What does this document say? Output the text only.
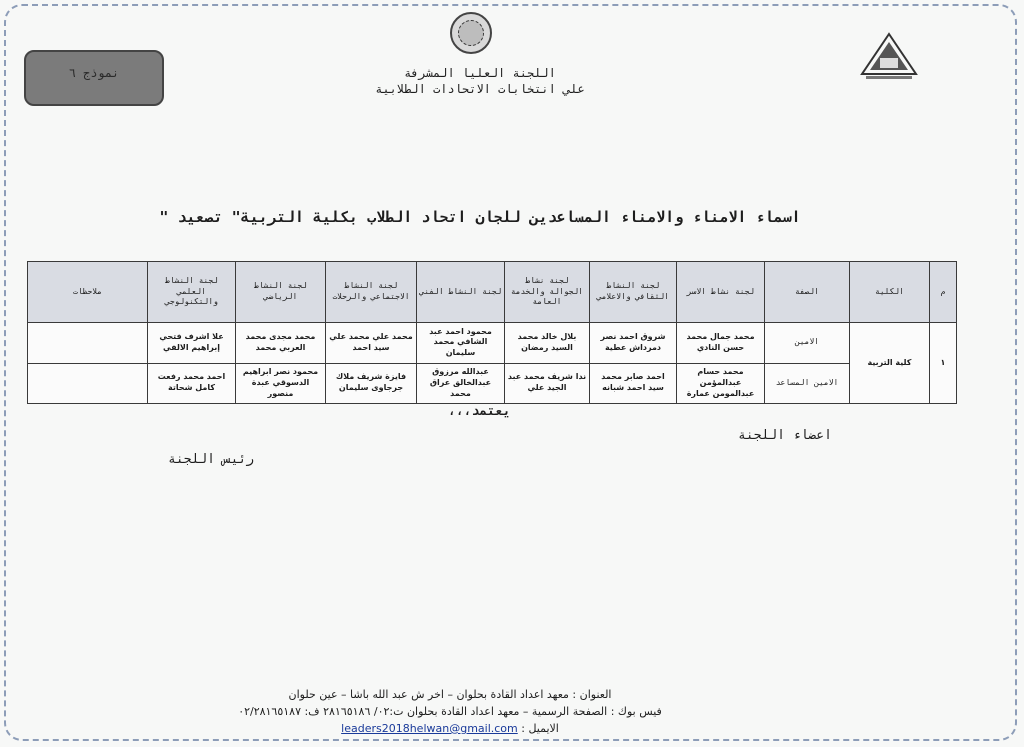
نموذج ٦	اللجنة العليا المشرفة
علي انتخابات الاتحادات الطلابية
اسماء الامناء والامناء المساعدين للجان اتحاد الطلاب بكلية التربية" تصعيد "
م	الكلية	الصفة	لجنة نشاط الاسر	لجنة النشاط الثقافي والاعلامي	لجنة نشاط الجوالة والخدمة العامة	لجنة النشاط الفني	لجنة النشاط الاجتماعي والرحلات	لجنة النشاط الرياضي	لجنة النشاط العلمي والتكنولوجي	ملاحظات
١	كلية التربية	الامين	محمد جمال محمد حسن النادي	شروق احمد نصر دمرداش عطية	بلال خالد محمد السيد رمضان	محمود احمد عبد الشافي محمد سليمان	محمد علي محمد علي سيد احمد	محمد مجدى محمد العربي محمد	علا اشرف فتحي إبراهيم الالفي	
		الامين المساعد	محمد حسام عبدالمؤمن عبدالمومن عمارة	احمد صابر محمد سيد احمد شبانه	ندا شريف محمد عبد الجيد علي	عبدالله مرزوق عبدالخالق عراق محمد	فايزة شريف ملاك جرجاوى سليمان	محمود نصر ابراهيم الدسوقي عبدة منصور	احمد محمد رفعت كامل شحاتة	
يعتمد،،،
اعضاء اللجنة
رئيس اللجنة
العنوان : معهد اعداد القادة بحلوان – اخر ش عبد الله باشا – عين حلوان
فيس بوك : الصفحة الرسمية – معهد اعداد القادة بحلوان ت:٠٢/ ٢٨١٦٥١٨٦ ف: ٠٢/٢٨١٦٥١٨٧
الايميل : leaders2018helwan@gmail.com
